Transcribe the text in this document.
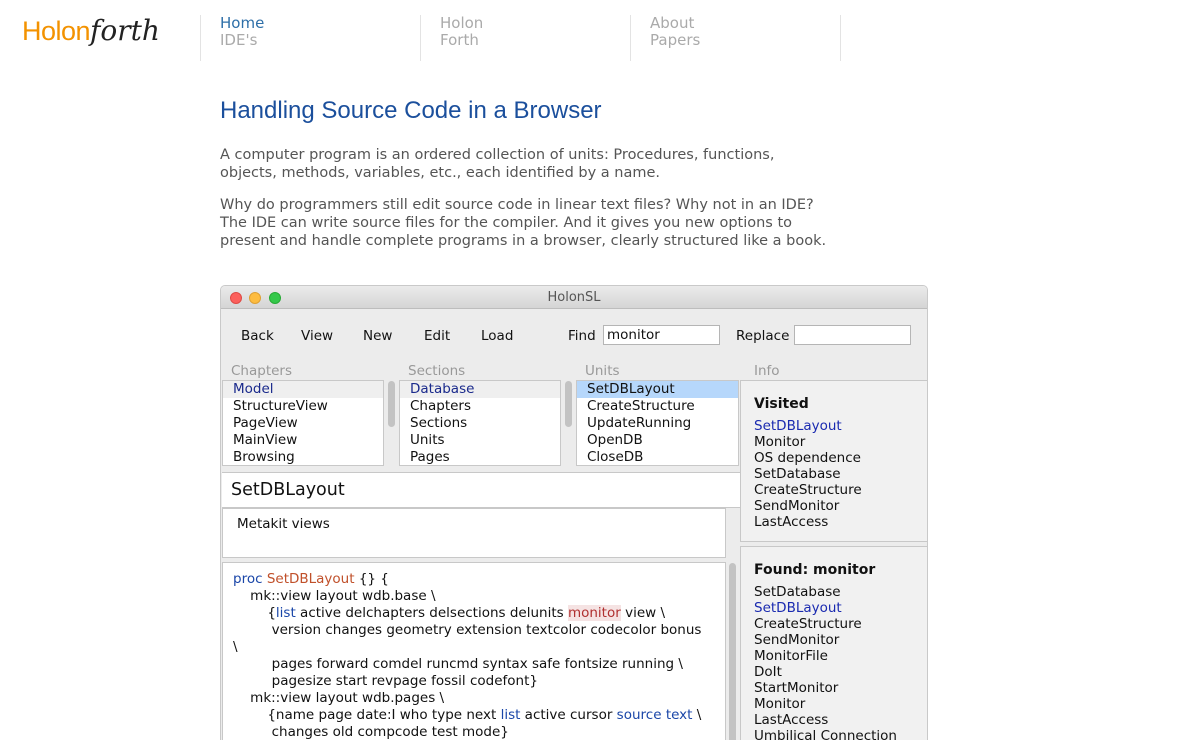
Holonforth	Home
IDE's
Holon
Forth
About
Papers
Handling Source Code in a Browser
A computer program is an ordered collection of units: Procedures, functions,
objects, methods, variables, etc., each identified by a name.
Why do programmers still edit source code in linear text files? Why not in an IDE?
The IDE can write source files for the compiler. And it gives you new options to
present and handle complete programs in a browser, clearly structured like a book.
HolonSL
Back View New Edit Load	Find
monitor	Replace
Chapters	Sections	Units	Info
Model
StructureView
PageView
MainView
Browsing
Database
Chapters
Sections
Units
Pages
SetDBLayout
CreateStructure
UpdateRunning
OpenDB
CloseDB
Visited
SetDBLayout
Monitor
OS dependence
SetDatabase
CreateStructure
SendMonitor
LastAccess
Found: monitor
SetDatabase
SetDBLayout
CreateStructure
SendMonitor
MonitorFile
DoIt
StartMonitor
Monitor
LastAccess
Umbilical Connection
SetDBLayout
Metakit views
proc SetDBLayout {} {
mk::view layout wdb.base \
{list active delchapters delsections delunits monitor view \
version changes geometry extension textcolor codecolor bonus
\
pages forward comdel runcmd syntax safe fontsize running \
pagesize start revpage fossil codefont}
mk::view layout wdb.pages \
{name page date:I who type next list active cursor source text \
changes old compcode test mode}
